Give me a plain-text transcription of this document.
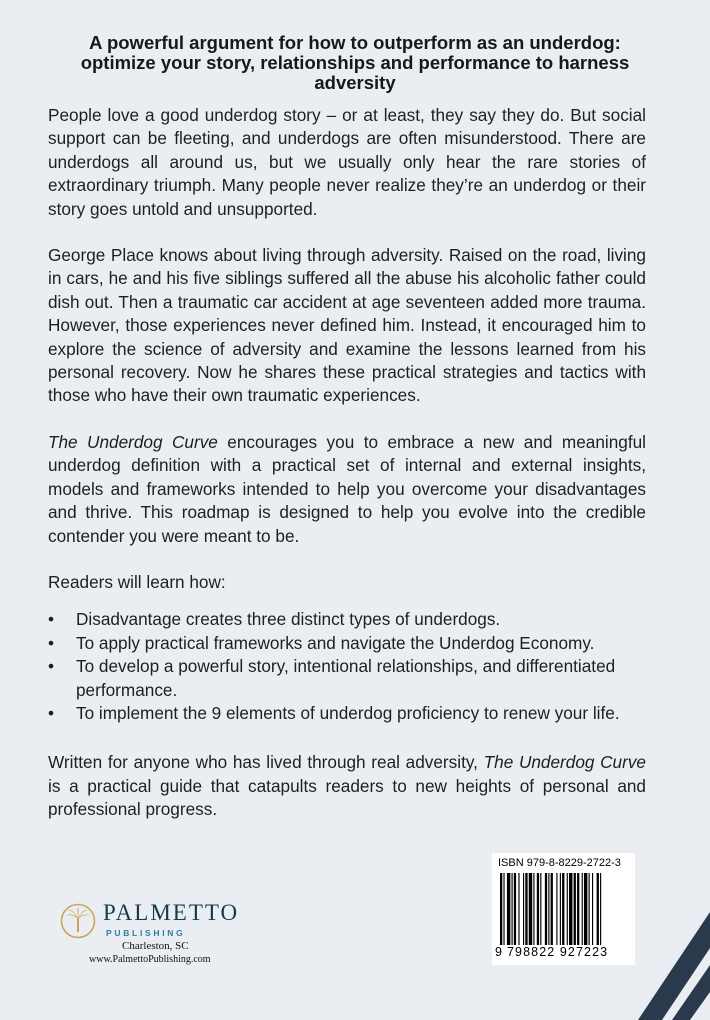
A powerful argument for how to outperform as an underdog: optimize your story, relationships and performance to harness adversity

People love a good underdog story – or at least, they say they do. But social support can be fleeting, and underdogs are often misunderstood. There are underdogs all around us, but we usually only hear the rare stories of extraordinary triumph. Many people never realize they’re an underdog or their story goes untold and unsupported.

George Place knows about living through adversity. Raised on the road, living in cars, he and his five siblings suffered all the abuse his alcoholic father could dish out. Then a traumatic car accident at age seventeen added more trauma. However, those experiences never defined him. Instead, it encouraged him to explore the science of adversity and examine the lessons learned from his personal recovery. Now he shares these practical strategies and tactics with those who have their own traumatic experiences.

The Underdog Curve encourages you to embrace a new and meaningful underdog definition with a practical set of internal and external insights, models and frameworks intended to help you overcome your disadvantages and thrive. This roadmap is designed to help you evolve into the credible contender you were meant to be.

Readers will learn how:

• Disadvantage creates three distinct types of underdogs.
• To apply practical frameworks and navigate the Underdog Economy.
• To develop a powerful story, intentional relationships, and differentiated performance.
• To implement the 9 elements of underdog proficiency to renew your life.

Written for anyone who has lived through real adversity, The Underdog Curve is a practical guide that catapults readers to new heights of personal and professional progress.

PALMETTO
PUBLISHING
Charleston, SC
www.PalmettoPublishing.com
ISBN 979-8-8229-2722-3
9 798822 927223
